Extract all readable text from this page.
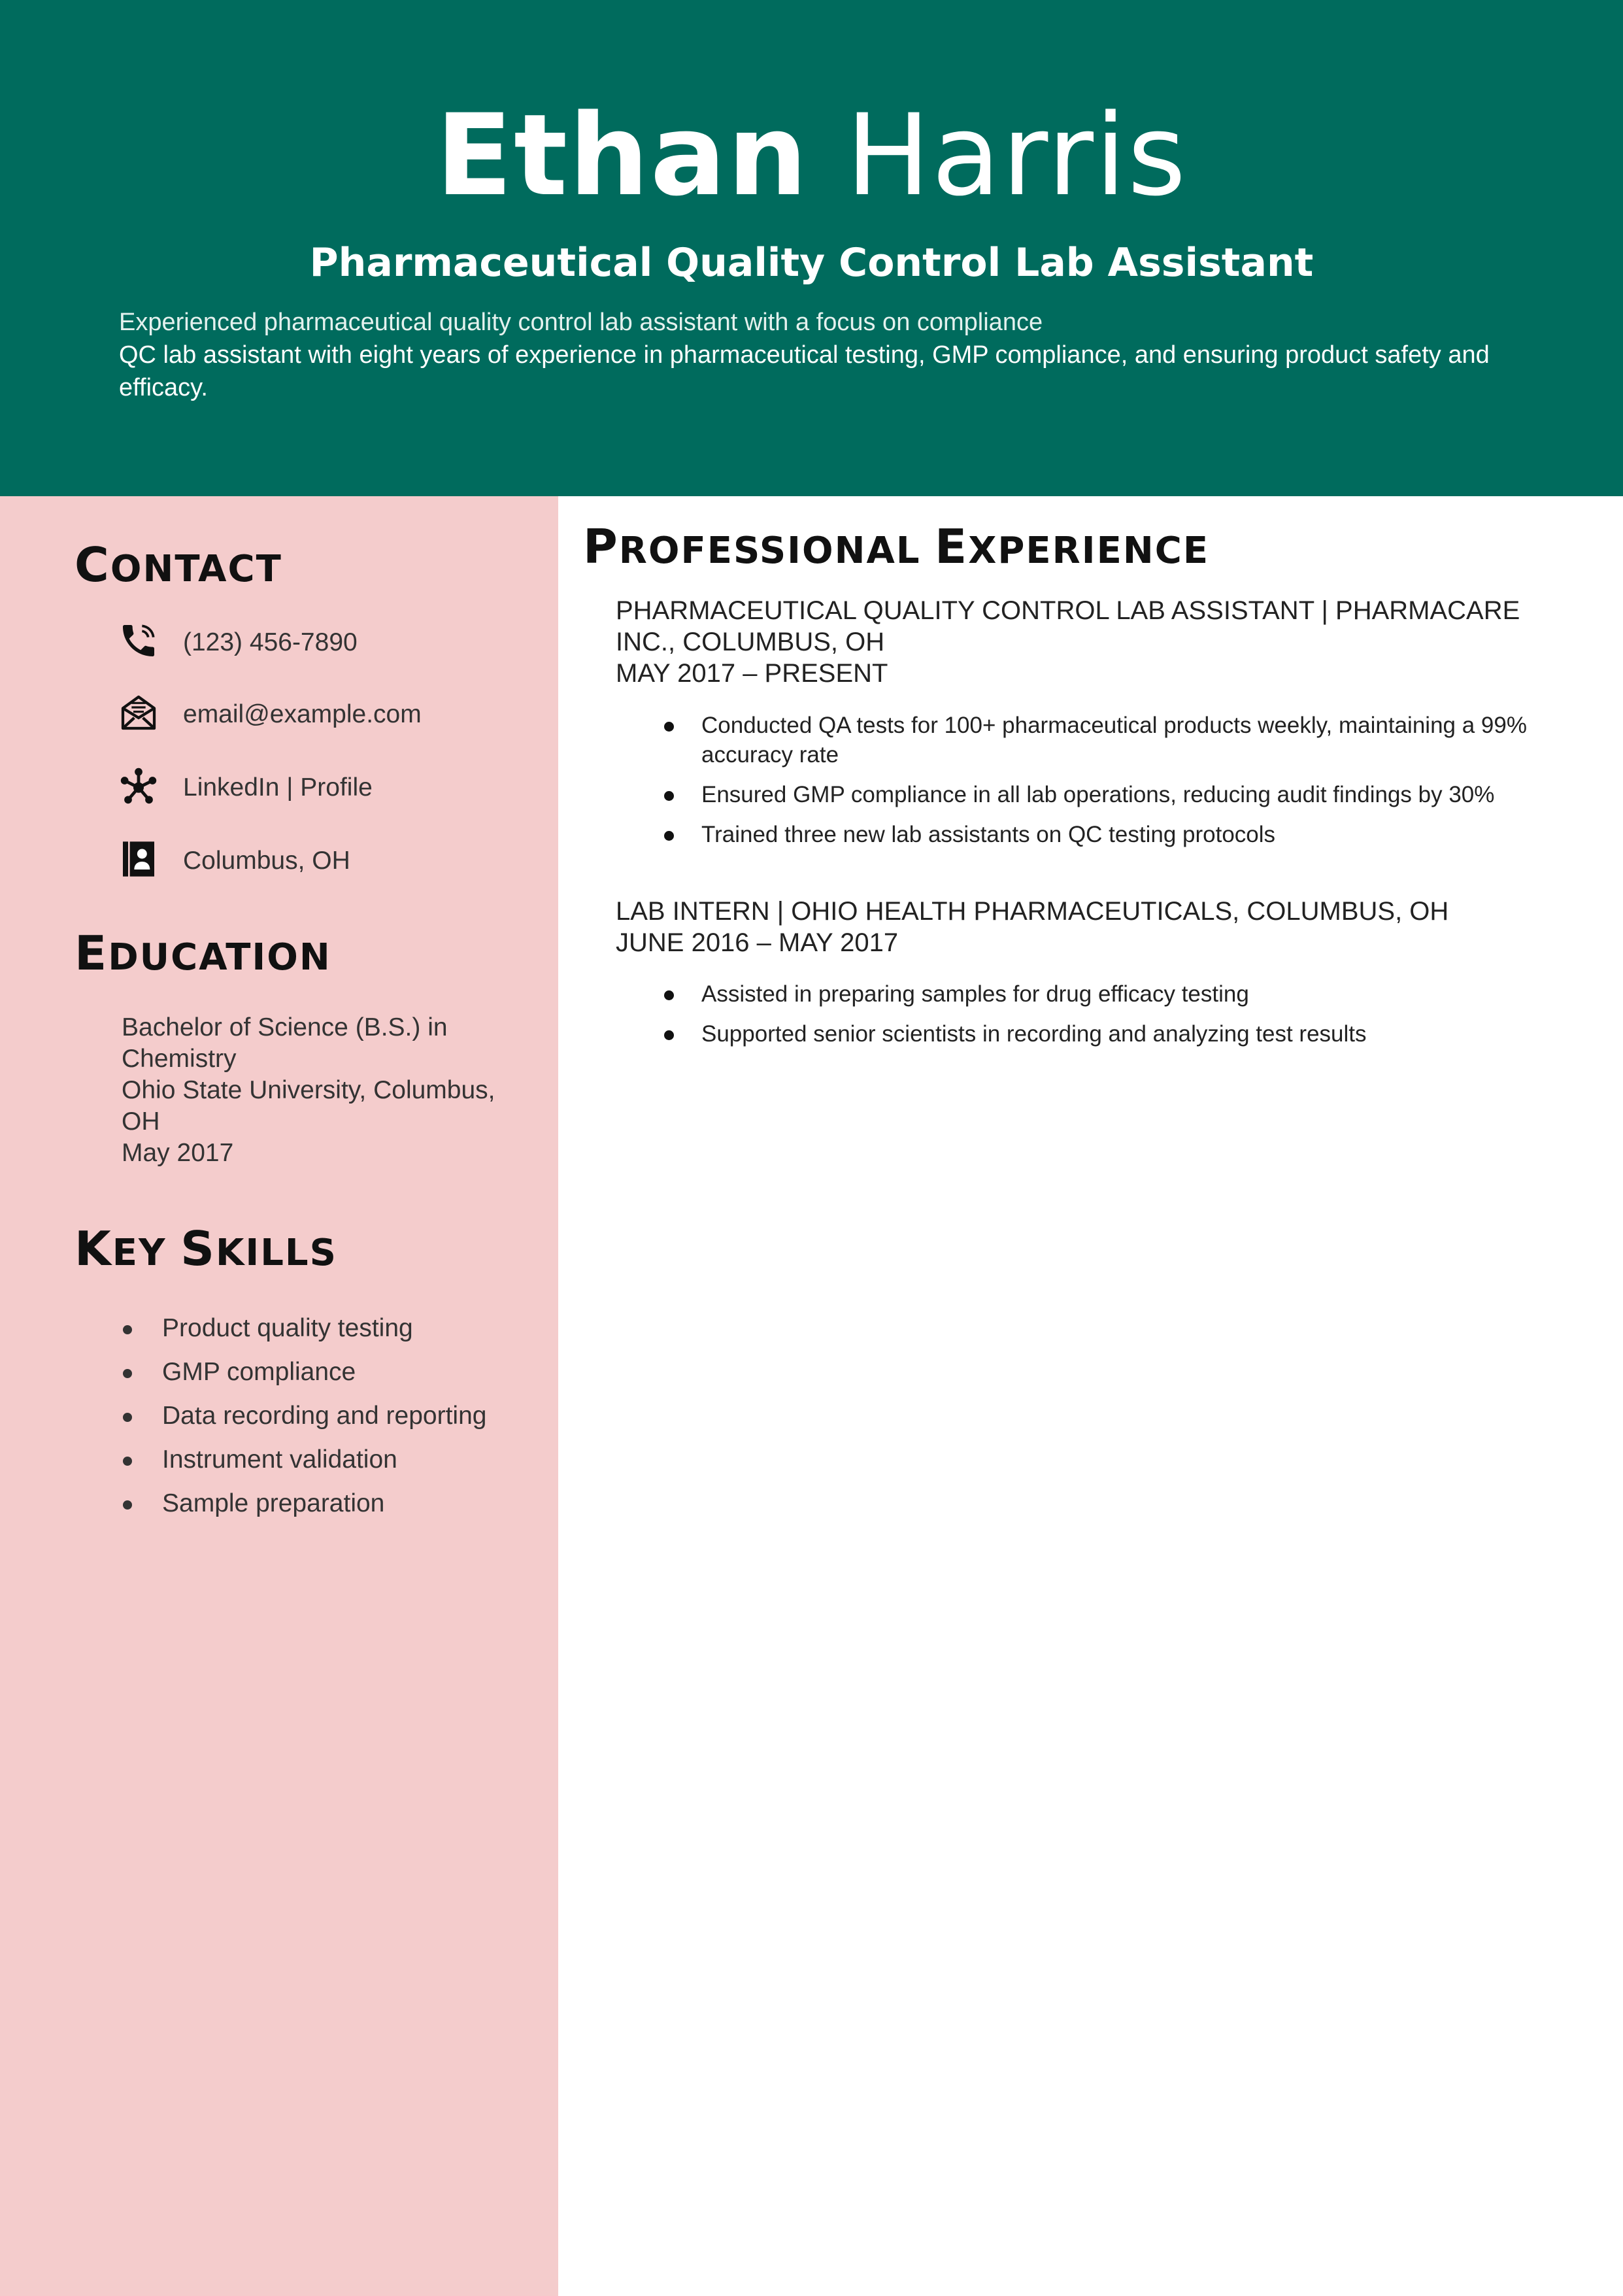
Ethan Harris
Pharmaceutical Quality Control Lab Assistant
Experienced pharmaceutical quality control lab assistant with a focus on compliance
QC lab assistant with eight years of experience in pharmaceutical testing, GMP compliance, and ensuring product safety and efficacy.
CONTACT
(123) 456-7890
email@example.com
LinkedIn | Profile
Columbus, OH
EDUCATION
Bachelor of Science (B.S.) in Chemistry
Ohio State University, Columbus, OH
May 2017
KEY SKILLS
Product quality testing
GMP compliance
Data recording and reporting
Instrument validation
Sample preparation
PROFESSIONAL EXPERIENCE
PHARMACEUTICAL QUALITY CONTROL LAB ASSISTANT | PHARMACARE INC., COLUMBUS, OH
MAY 2017 – PRESENT
Conducted QA tests for 100+ pharmaceutical products weekly, maintaining a 99% accuracy rate
Ensured GMP compliance in all lab operations, reducing audit findings by 30%
Trained three new lab assistants on QC testing protocols
LAB INTERN | OHIO HEALTH PHARMACEUTICALS, COLUMBUS, OH
JUNE 2016 – MAY 2017
Assisted in preparing samples for drug efficacy testing
Supported senior scientists in recording and analyzing test results
